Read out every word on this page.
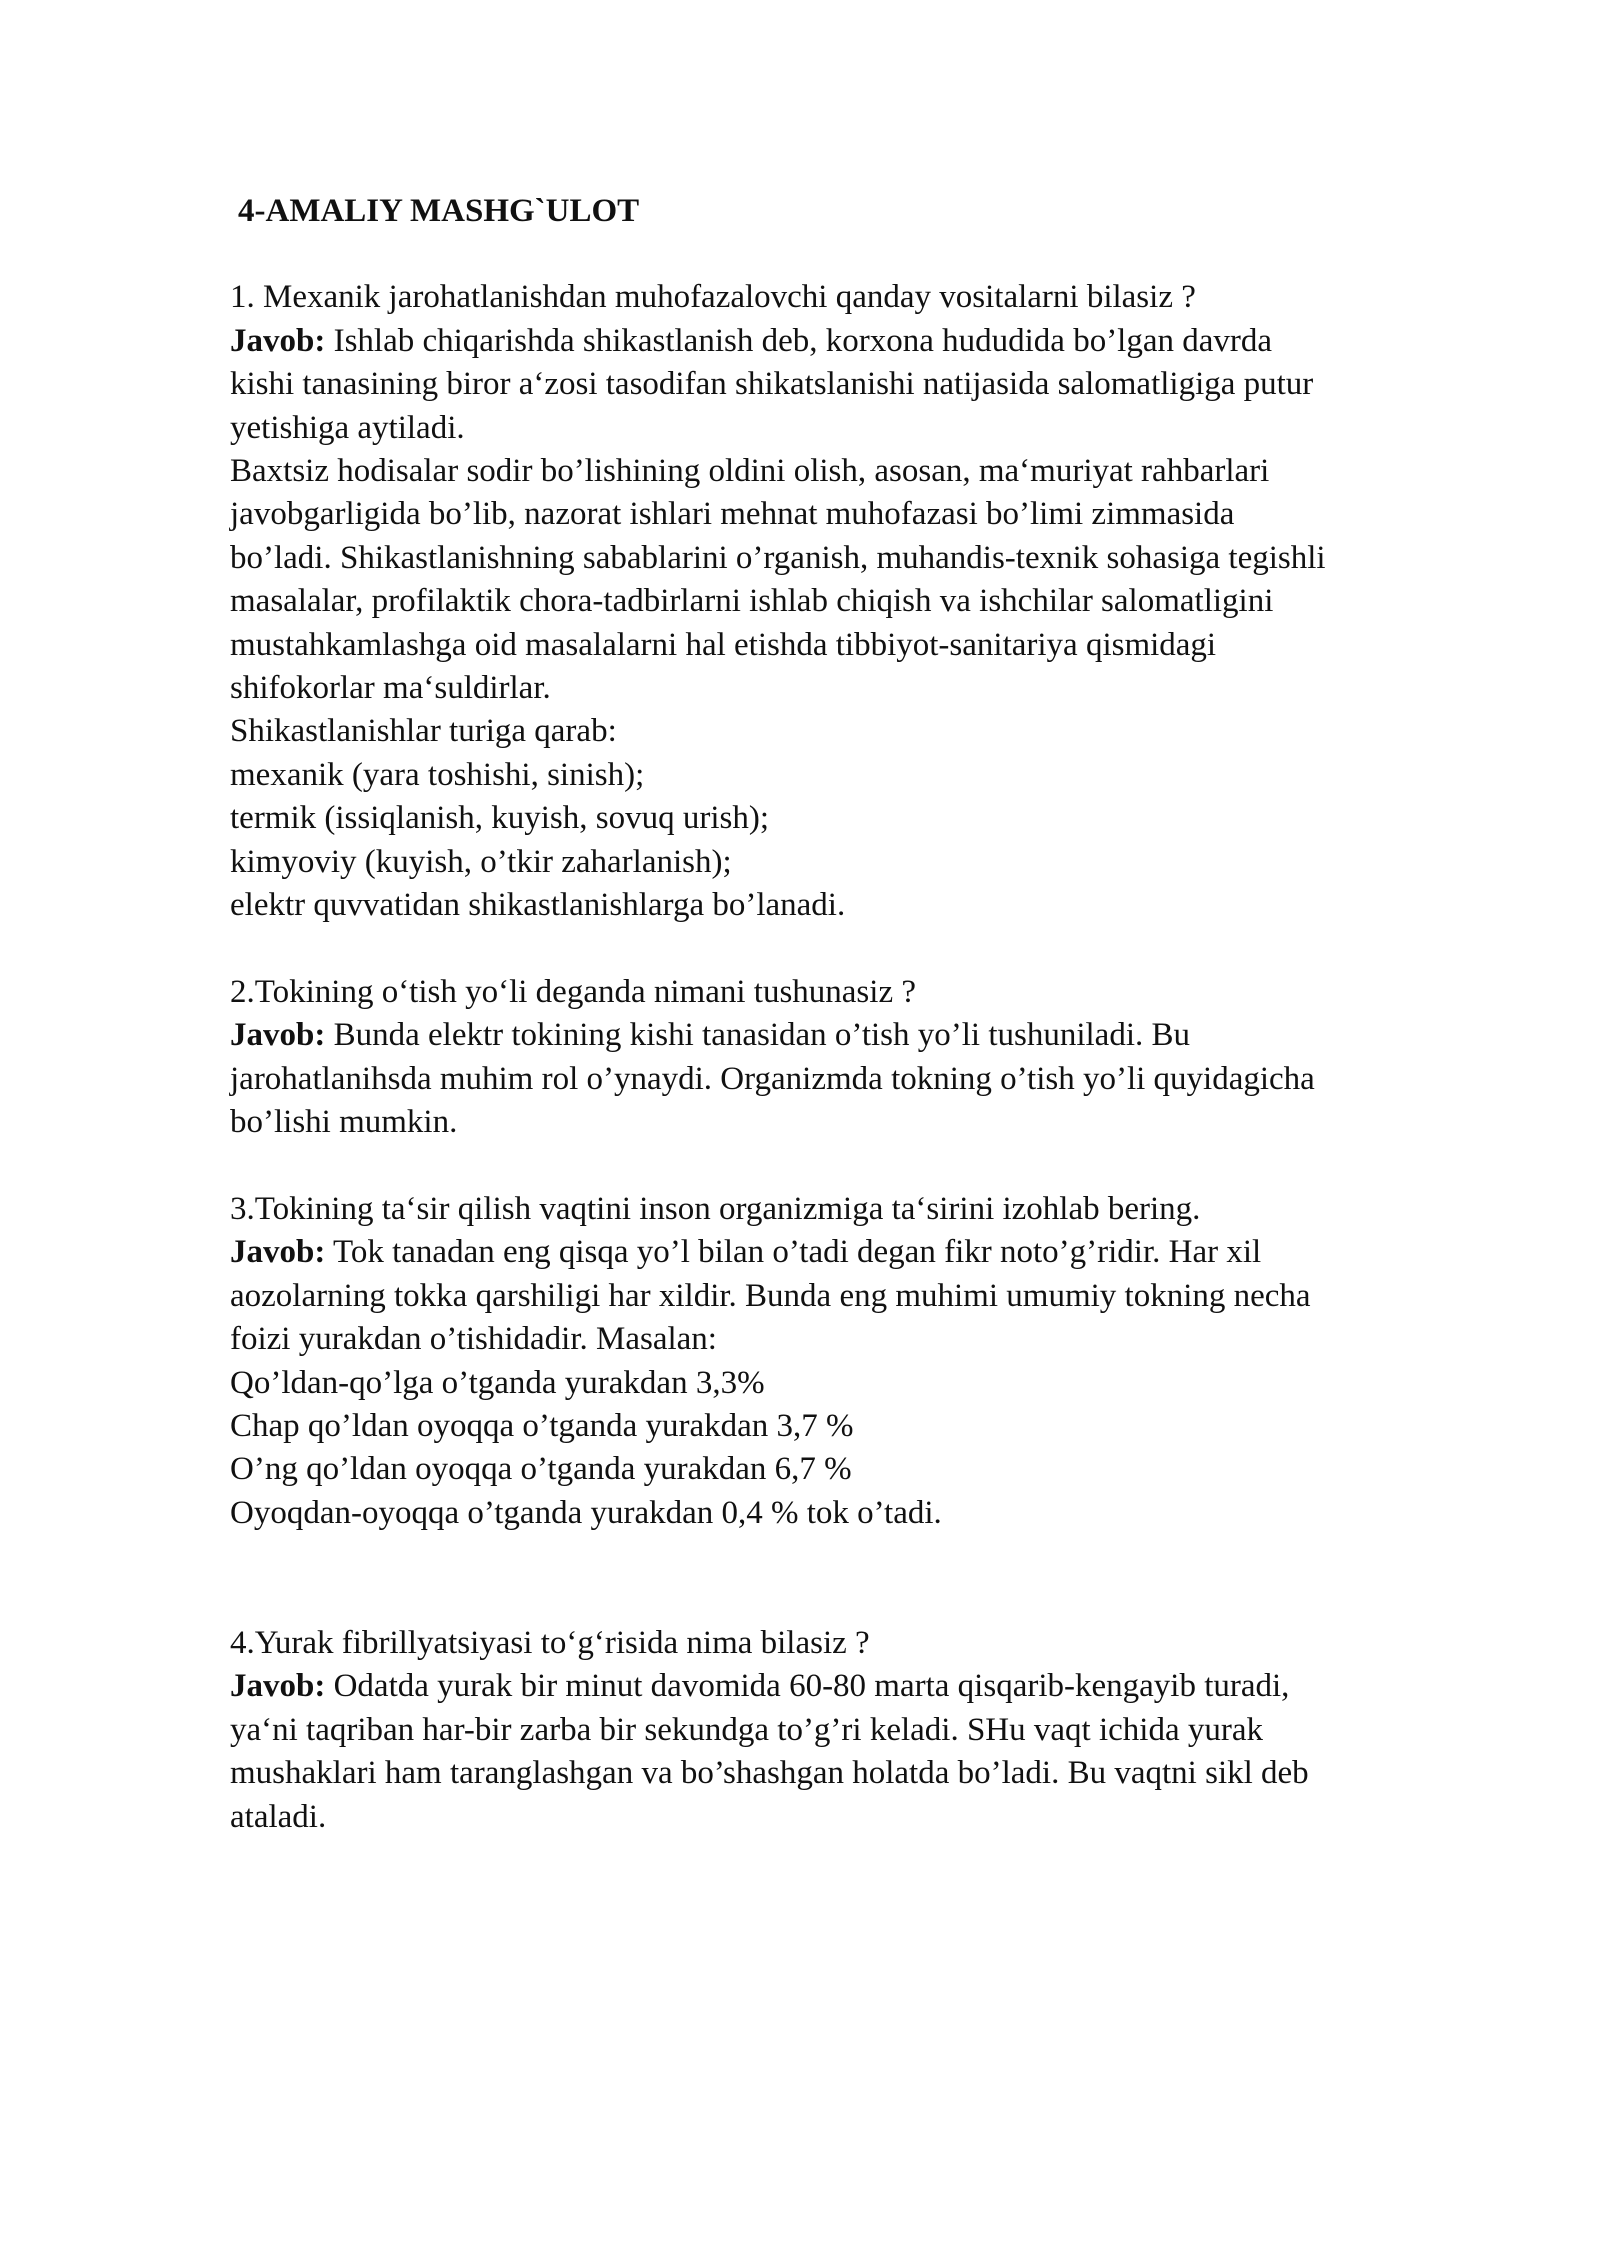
4-AMALIY MASHG`ULOT

1. Mexanik jarohatlanishdan muhofazalovchi qanday vositalarni bilasiz ?

Javob: Ishlab chiqarishda shikastlanish deb, korxona hududida bo’lgan davrda

kishi tanasining biror a‘zosi tasodifan shikatslanishi natijasida salomatligiga putur

yetishiga aytiladi.

Baxtsiz hodisalar sodir bo’lishining oldini olish, asosan, ma‘muriyat rahbarlari

javobgarligida bo’lib, nazorat ishlari mehnat muhofazasi bo’limi zimmasida

bo’ladi. Shikastlanishning sabablarini o’rganish, muhandis-texnik sohasiga tegishli

masalalar, profilaktik chora-tadbirlarni ishlab chiqish va ishchilar salomatligini

mustahkamlashga oid masalalarni hal etishda tibbiyot-sanitariya qismidagi

shifokorlar ma‘suldirlar.

Shikastlanishlar turiga qarab:

mexanik (yara toshishi, sinish);

termik (issiqlanish, kuyish, sovuq urish);

kimyoviy (kuyish, o’tkir zaharlanish);

elektr quvvatidan shikastlanishlarga bo’lanadi.

2.Tokining o‘tish yo‘li deganda nimani tushunasiz ?

Javob: Bunda elektr tokining kishi tanasidan o’tish yo’li tushuniladi. Bu

jarohatlanihsda muhim rol o’ynaydi. Organizmda tokning o’tish yo’li quyidagicha

bo’lishi mumkin.

3.Tokining ta‘sir qilish vaqtini inson organizmiga ta‘sirini izohlab bering.

Javob: Tok tanadan eng qisqa yo’l bilan o’tadi degan fikr noto’g’ridir. Har xil

aozolarning tokka qarshiligi har xildir. Bunda eng muhimi umumiy tokning necha

foizi yurakdan o’tishidadir. Masalan:

Qo’ldan-qo’lga o’tganda yurakdan 3,3%

Chap qo’ldan oyoqqa o’tganda yurakdan 3,7 %

O’ng qo’ldan oyoqqa o’tganda yurakdan 6,7 %

Oyoqdan-oyoqqa o’tganda yurakdan 0,4 % tok o’tadi.

4.Yurak fibrillyatsiyasi to‘g‘risida nima bilasiz ?

Javob: Odatda yurak bir minut davomida 60-80 marta qisqarib-kengayib turadi,

ya‘ni taqriban har-bir zarba bir sekundga to’g’ri keladi. SHu vaqt ichida yurak

mushaklari ham taranglashgan va bo’shashgan holatda bo’ladi. Bu vaqtni sikl deb

ataladi.
